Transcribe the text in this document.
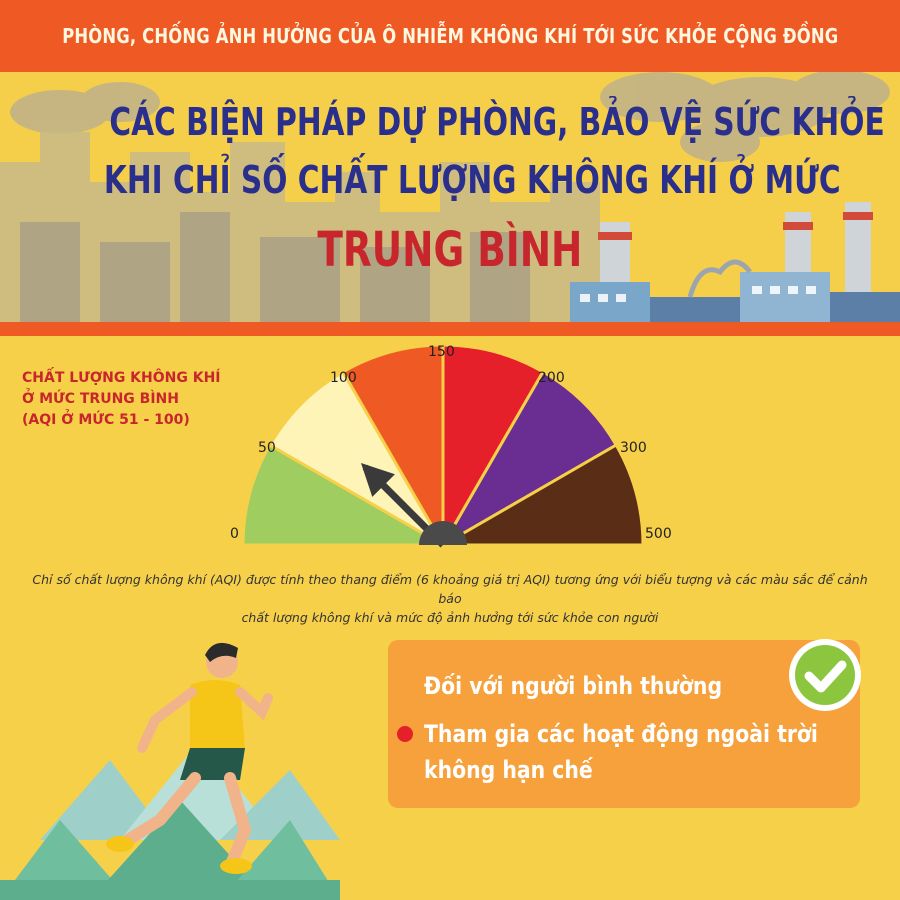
PHÒNG, CHỐNG ẢNH HƯỞNG CỦA Ô NHIỄM KHÔNG KHÍ TỚI SỨC KHỎE CỘNG ĐỒNG
CÁC BIỆN PHÁP DỰ PHÒNG, BẢO VỆ SỨC KHỎE
KHI CHỈ SỐ CHẤT LƯỢNG KHÔNG KHÍ Ở MỨC
TRUNG BÌNH
CHẤT LƯỢNG KHÔNG KHÍ
Ở MỨC TRUNG BÌNH
(AQI Ở MỨC 51 - 100)
0
50
100
150
200
300
500
Chỉ số chất lượng không khí (AQI) được tính theo thang điểm (6 khoảng giá trị AQI) tương ứng với biểu tượng và các màu sắc để cảnh báo
chất lượng không khí và mức độ ảnh hưởng tới sức khỏe con người
Đối với người bình thường
Tham gia các hoạt động ngoài trời
không hạn chế
